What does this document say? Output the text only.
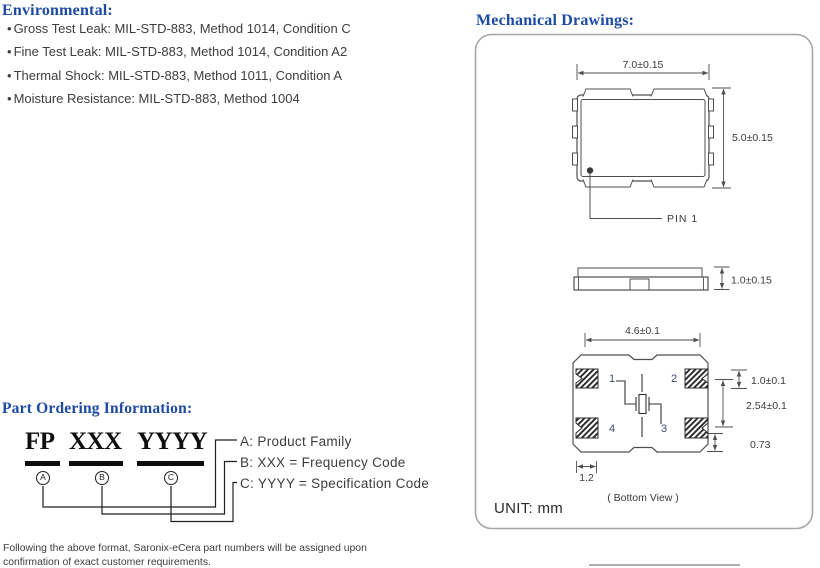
7.0±0.15
5.0±0.15
PIN 1
1.0±0.15
4.6±0.1
1	2
4	3
1.0±0.1
2.54±0.1
0.73
1.2
( Bottom View )
Environmental:
• Gross Test Leak: MIL-STD-883, Method 1014, Condition C
• Fine Test Leak: MIL-STD-883, Method 1014, Condition A2
• Thermal Shock: MIL-STD-883, Method 1011, Condition A
• Moisture Resistance: MIL-STD-883, Method 1004
Part Ordering Information:
FP XXX YYYY
A	B	C
A: Product Family
B: XXX = Frequency Code
C: YYYY = Specification Code
Following the above format, Saronix-eCera part numbers will be assigned upon
confirmation of exact customer requirements.
Mechanical Drawings:
UNIT: mm
